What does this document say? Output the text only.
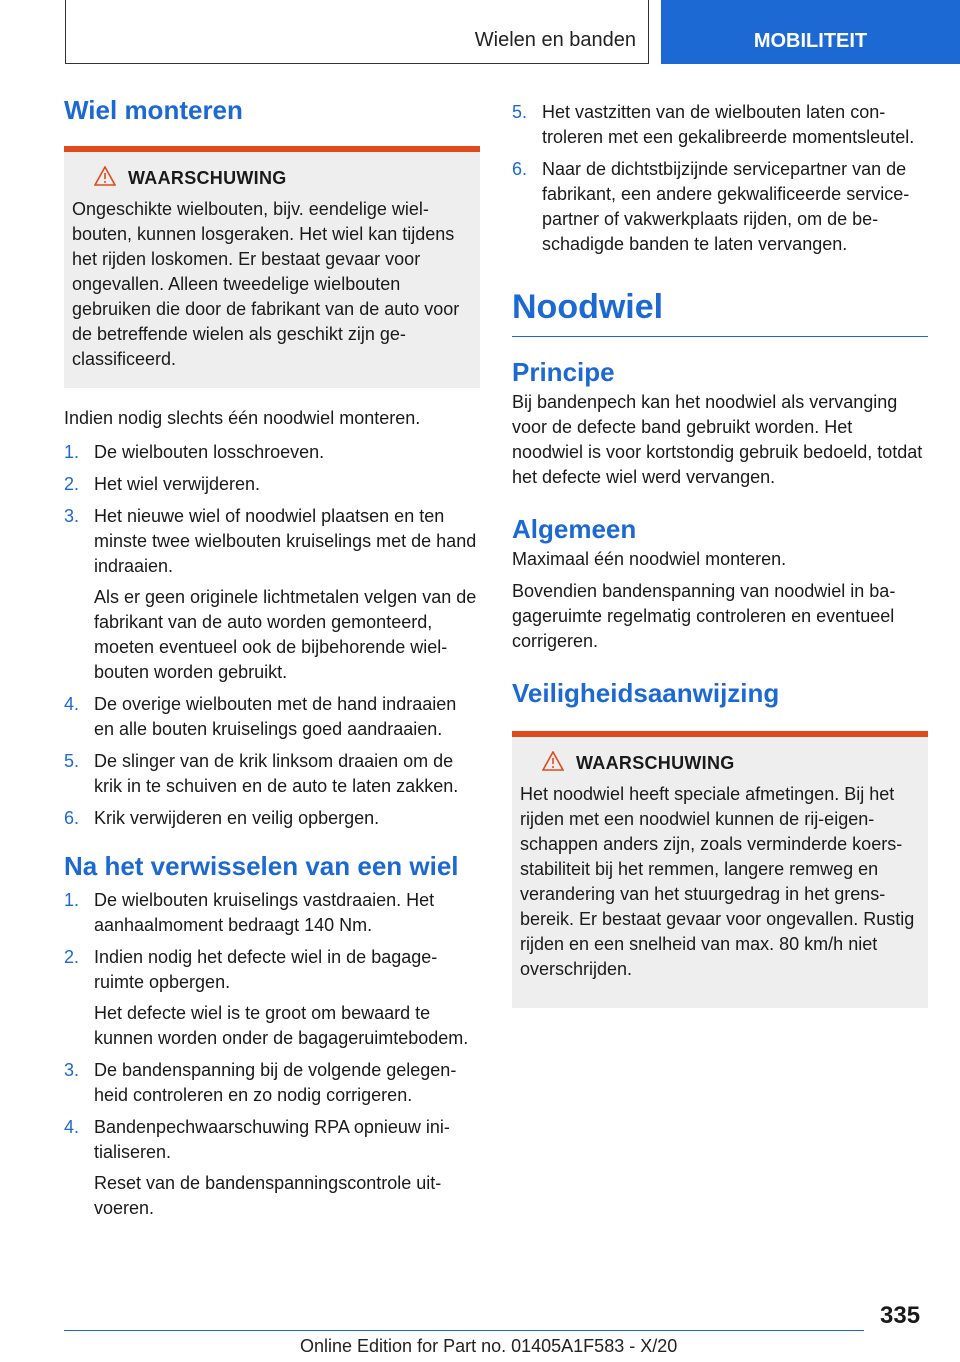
Wielen en banden	MOBILITEIT
Wiel monteren
WAARSCHUWING
Ongeschikte wielbouten, bijv. eendelige wielbouten, kunnen losgeraken. Het wiel kan tijdens het rijden loskomen. Er bestaat gevaar voor ongevallen. Alleen tweedelige wielbouten gebruiken die door de fabrikant van de auto voor de betreffende wielen als geschikt zijn geclassificeerd.

Indien nodig slechts één noodwiel monteren.

1. De wielbouten losschroeven.
2. Het wiel verwijderen.
3. Het nieuwe wiel of noodwiel plaatsen en ten minste twee wielbouten kruiselings met de hand indraaien.
Als er geen originele lichtmetalen velgen van de fabrikant van de auto worden gemonteerd, moeten eventueel ook de bijbehorende wielbouten worden gebruikt.
4. De overige wielbouten met de hand indraaien en alle bouten kruiselings goed aandraaien.
5. De slinger van de krik linksom draaien om de krik in te schuiven en de auto te laten zakken.
6. Krik verwijderen en veilig opbergen.
Na het verwisselen van een wiel
1. De wielbouten kruiselings vastdraaien. Het aanhaalmoment bedraagt 140 Nm.
2. Indien nodig het defecte wiel in de bagageruimte opbergen.
Het defecte wiel is te groot om bewaard te kunnen worden onder de bagageruimtebodem.
3. De bandenspanning bij de volgende gelegenheid controleren en zo nodig corrigeren.
4. Bandenpechwaarschuwing RPA opnieuw initialiseren.
Reset van de bandenspanningscontrole uitvoeren.
5. Het vastzitten van de wielbouten laten controleren met een gekalibreerde momentsleutel.
6. Naar de dichtstbijzijnde servicepartner van de fabrikant, een andere gekwalificeerde servicepartner of vakwerkplaats rijden, om de beschadigde banden te laten vervangen.
Noodwiel
Principe

Bij bandenpech kan het noodwiel als vervanging voor de defecte band gebruikt worden. Het noodwiel is voor kortstondig gebruik bedoeld, totdat het defecte wiel werd vervangen.

Algemeen

Maximaal één noodwiel monteren.

Bovendien bandenspanning van noodwiel in bagageruimte regelmatig controleren en eventueel corrigeren.

Veiligheidsaanwijzing
WAARSCHUWING
Het noodwiel heeft speciale afmetingen. Bij het rijden met een noodwiel kunnen de rij-eigenschappen anders zijn, zoals verminderde koersstabiliteit bij het remmen, langere remweg en verandering van het stuurgedrag in het grensbereik. Er bestaat gevaar voor ongevallen. Rustig rijden en een snelheid van max. 80 km/h niet overschrijden.
335
Online Edition for Part no. 01405A1F583 - X/20
